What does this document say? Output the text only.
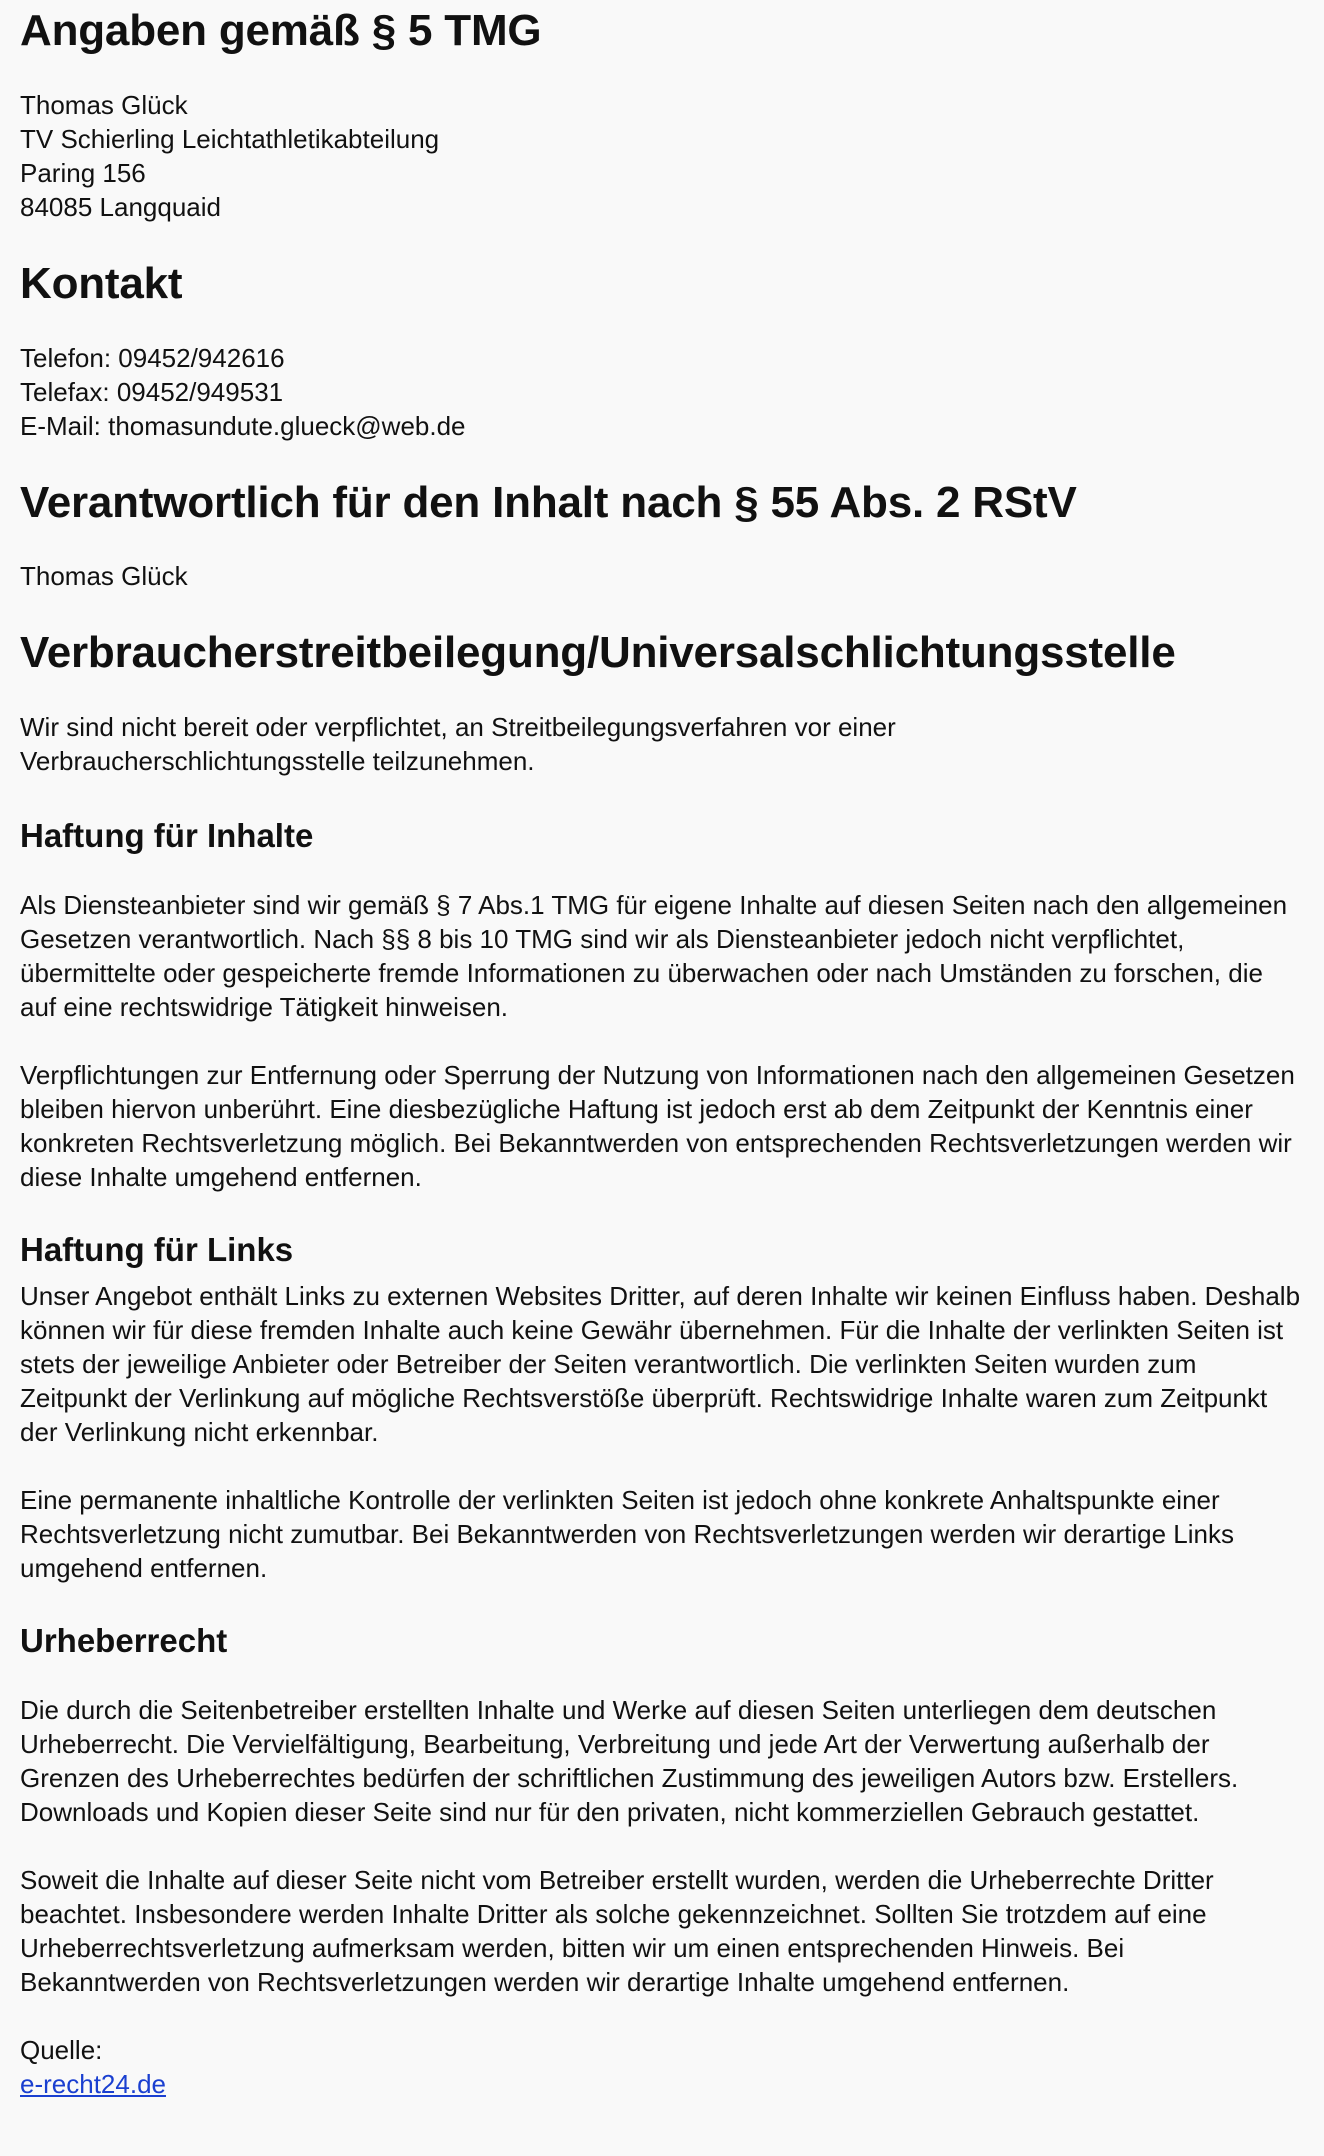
Angaben gemäß § 5 TMG

Thomas Glück
TV Schierling Leichtathletikabteilung
Paring 156
84085 Langquaid

Kontakt

Telefon: 09452/942616
Telefax: 09452/949531
E-Mail: thomasundute.glueck@web.de

Verantwortlich für den Inhalt nach § 55 Abs. 2 RStV

Thomas Glück

Verbraucherstreitbeilegung/Universalschlichtungsstelle

Wir sind nicht bereit oder verpflichtet, an Streitbeilegungsverfahren vor einer Verbraucherschlichtungsstelle teilzunehmen.

Haftung für Inhalte

Als Diensteanbieter sind wir gemäß § 7 Abs.1 TMG für eigene Inhalte auf diesen Seiten nach den allgemeinen Gesetzen verantwortlich. Nach §§ 8 bis 10 TMG sind wir als Diensteanbieter jedoch nicht verpflichtet, übermittelte oder gespeicherte fremde Informationen zu überwachen oder nach Umständen zu forschen, die auf eine rechtswidrige Tätigkeit hinweisen.

Verpflichtungen zur Entfernung oder Sperrung der Nutzung von Informationen nach den allgemeinen Gesetzen bleiben hiervon unberührt. Eine diesbezügliche Haftung ist jedoch erst ab dem Zeitpunkt der Kenntnis einer konkreten Rechtsverletzung möglich. Bei Bekanntwerden von entsprechenden Rechtsverletzungen werden wir diese Inhalte umgehend entfernen.

Haftung für Links

Unser Angebot enthält Links zu externen Websites Dritter, auf deren Inhalte wir keinen Einfluss haben. Deshalb können wir für diese fremden Inhalte auch keine Gewähr übernehmen. Für die Inhalte der verlinkten Seiten ist stets der jeweilige Anbieter oder Betreiber der Seiten verantwortlich. Die verlinkten Seiten wurden zum Zeitpunkt der Verlinkung auf mögliche Rechtsverstöße überprüft. Rechtswidrige Inhalte waren zum Zeitpunkt der Verlinkung nicht erkennbar.

Eine permanente inhaltliche Kontrolle der verlinkten Seiten ist jedoch ohne konkrete Anhaltspunkte einer Rechtsverletzung nicht zumutbar. Bei Bekanntwerden von Rechtsverletzungen werden wir derartige Links umgehend entfernen.

Urheberrecht

Die durch die Seitenbetreiber erstellten Inhalte und Werke auf diesen Seiten unterliegen dem deutschen Urheberrecht. Die Vervielfältigung, Bearbeitung, Verbreitung und jede Art der Verwertung außerhalb der Grenzen des Urheberrechtes bedürfen der schriftlichen Zustimmung des jeweiligen Autors bzw. Erstellers. Downloads und Kopien dieser Seite sind nur für den privaten, nicht kommerziellen Gebrauch gestattet.

Soweit die Inhalte auf dieser Seite nicht vom Betreiber erstellt wurden, werden die Urheberrechte Dritter beachtet. Insbesondere werden Inhalte Dritter als solche gekennzeichnet. Sollten Sie trotzdem auf eine Urheberrechtsverletzung aufmerksam werden, bitten wir um einen entsprechenden Hinweis. Bei Bekanntwerden von Rechtsverletzungen werden wir derartige Inhalte umgehend entfernen.

Quelle:
e-recht24.de
